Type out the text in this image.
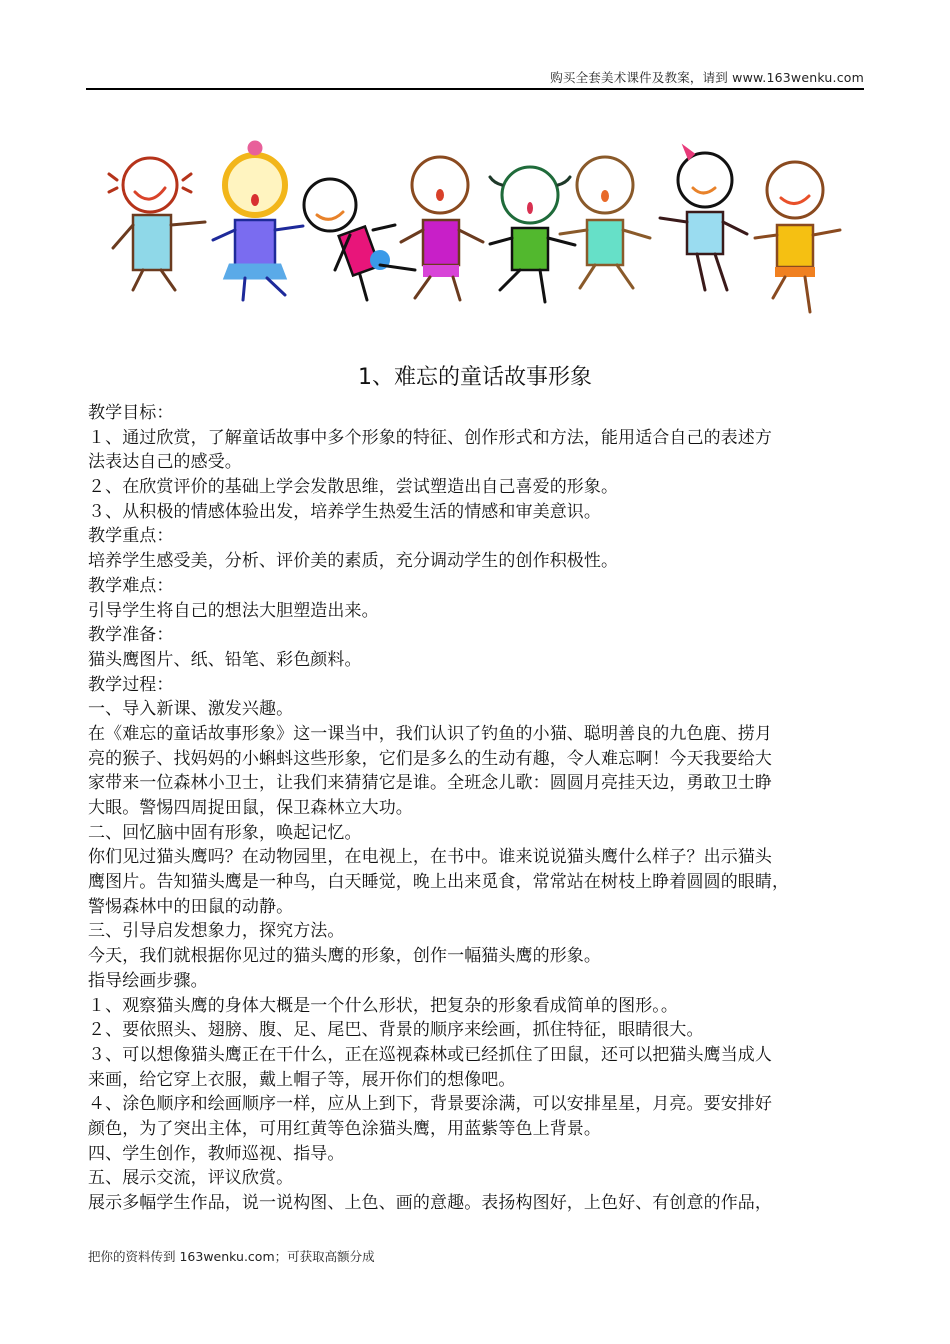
购买全套美术课件及教案，请到 www.163wenku.com
1、难忘的童话故事形象
教学目标：
１、通过欣赏，了解童话故事中多个形象的特征、创作形式和方法，能用适合自己的表述方
法表达自己的感受。
２、在欣赏评价的基础上学会发散思维，尝试塑造出自己喜爱的形象。
３、从积极的情感体验出发，培养学生热爱生活的情感和审美意识。
教学重点：
培养学生感受美，分析、评价美的素质，充分调动学生的创作积极性。
教学难点：
引导学生将自己的想法大胆塑造出来。
教学准备：
猫头鹰图片、纸、铅笔、彩色颜料。
教学过程：
一、导入新课、激发兴趣。
在《难忘的童话故事形象》这一课当中，我们认识了钓鱼的小猫、聪明善良的九色鹿、捞月
亮的猴子、找妈妈的小蝌蚪这些形象，它们是多么的生动有趣，令人难忘啊！今天我要给大
家带来一位森林小卫士，让我们来猜猜它是谁。全班念儿歌：圆圆月亮挂天边，勇敢卫士睁
大眼。警惕四周捉田鼠，保卫森林立大功。
二、回忆脑中固有形象，唤起记忆。
你们见过猫头鹰吗？在动物园里，在电视上，在书中。谁来说说猫头鹰什么样子？出示猫头
鹰图片。告知猫头鹰是一种鸟，白天睡觉，晚上出来觅食，常常站在树枝上睁着圆圆的眼睛，
警惕森林中的田鼠的动静。
三、引导启发想象力，探究方法。
今天，我们就根据你见过的猫头鹰的形象，创作一幅猫头鹰的形象。
指导绘画步骤。
１、观察猫头鹰的身体大概是一个什么形状，把复杂的形象看成简单的图形。。
２、要依照头、翅膀、腹、足、尾巴、背景的顺序来绘画，抓住特征，眼睛很大。
３、可以想像猫头鹰正在干什么，正在巡视森林或已经抓住了田鼠，还可以把猫头鹰当成人
来画，给它穿上衣服，戴上帽子等，展开你们的想像吧。
４、涂色顺序和绘画顺序一样，应从上到下，背景要涂满，可以安排星星，月亮。要安排好
颜色，为了突出主体，可用红黄等色涂猫头鹰，用蓝紫等色上背景。
四、学生创作，教师巡视、指导。
五、展示交流，评议欣赏。
展示多幅学生作品，说一说构图、上色、画的意趣。表扬构图好，上色好、有创意的作品，
把你的资料传到 163wenku.com；可获取高额分成
